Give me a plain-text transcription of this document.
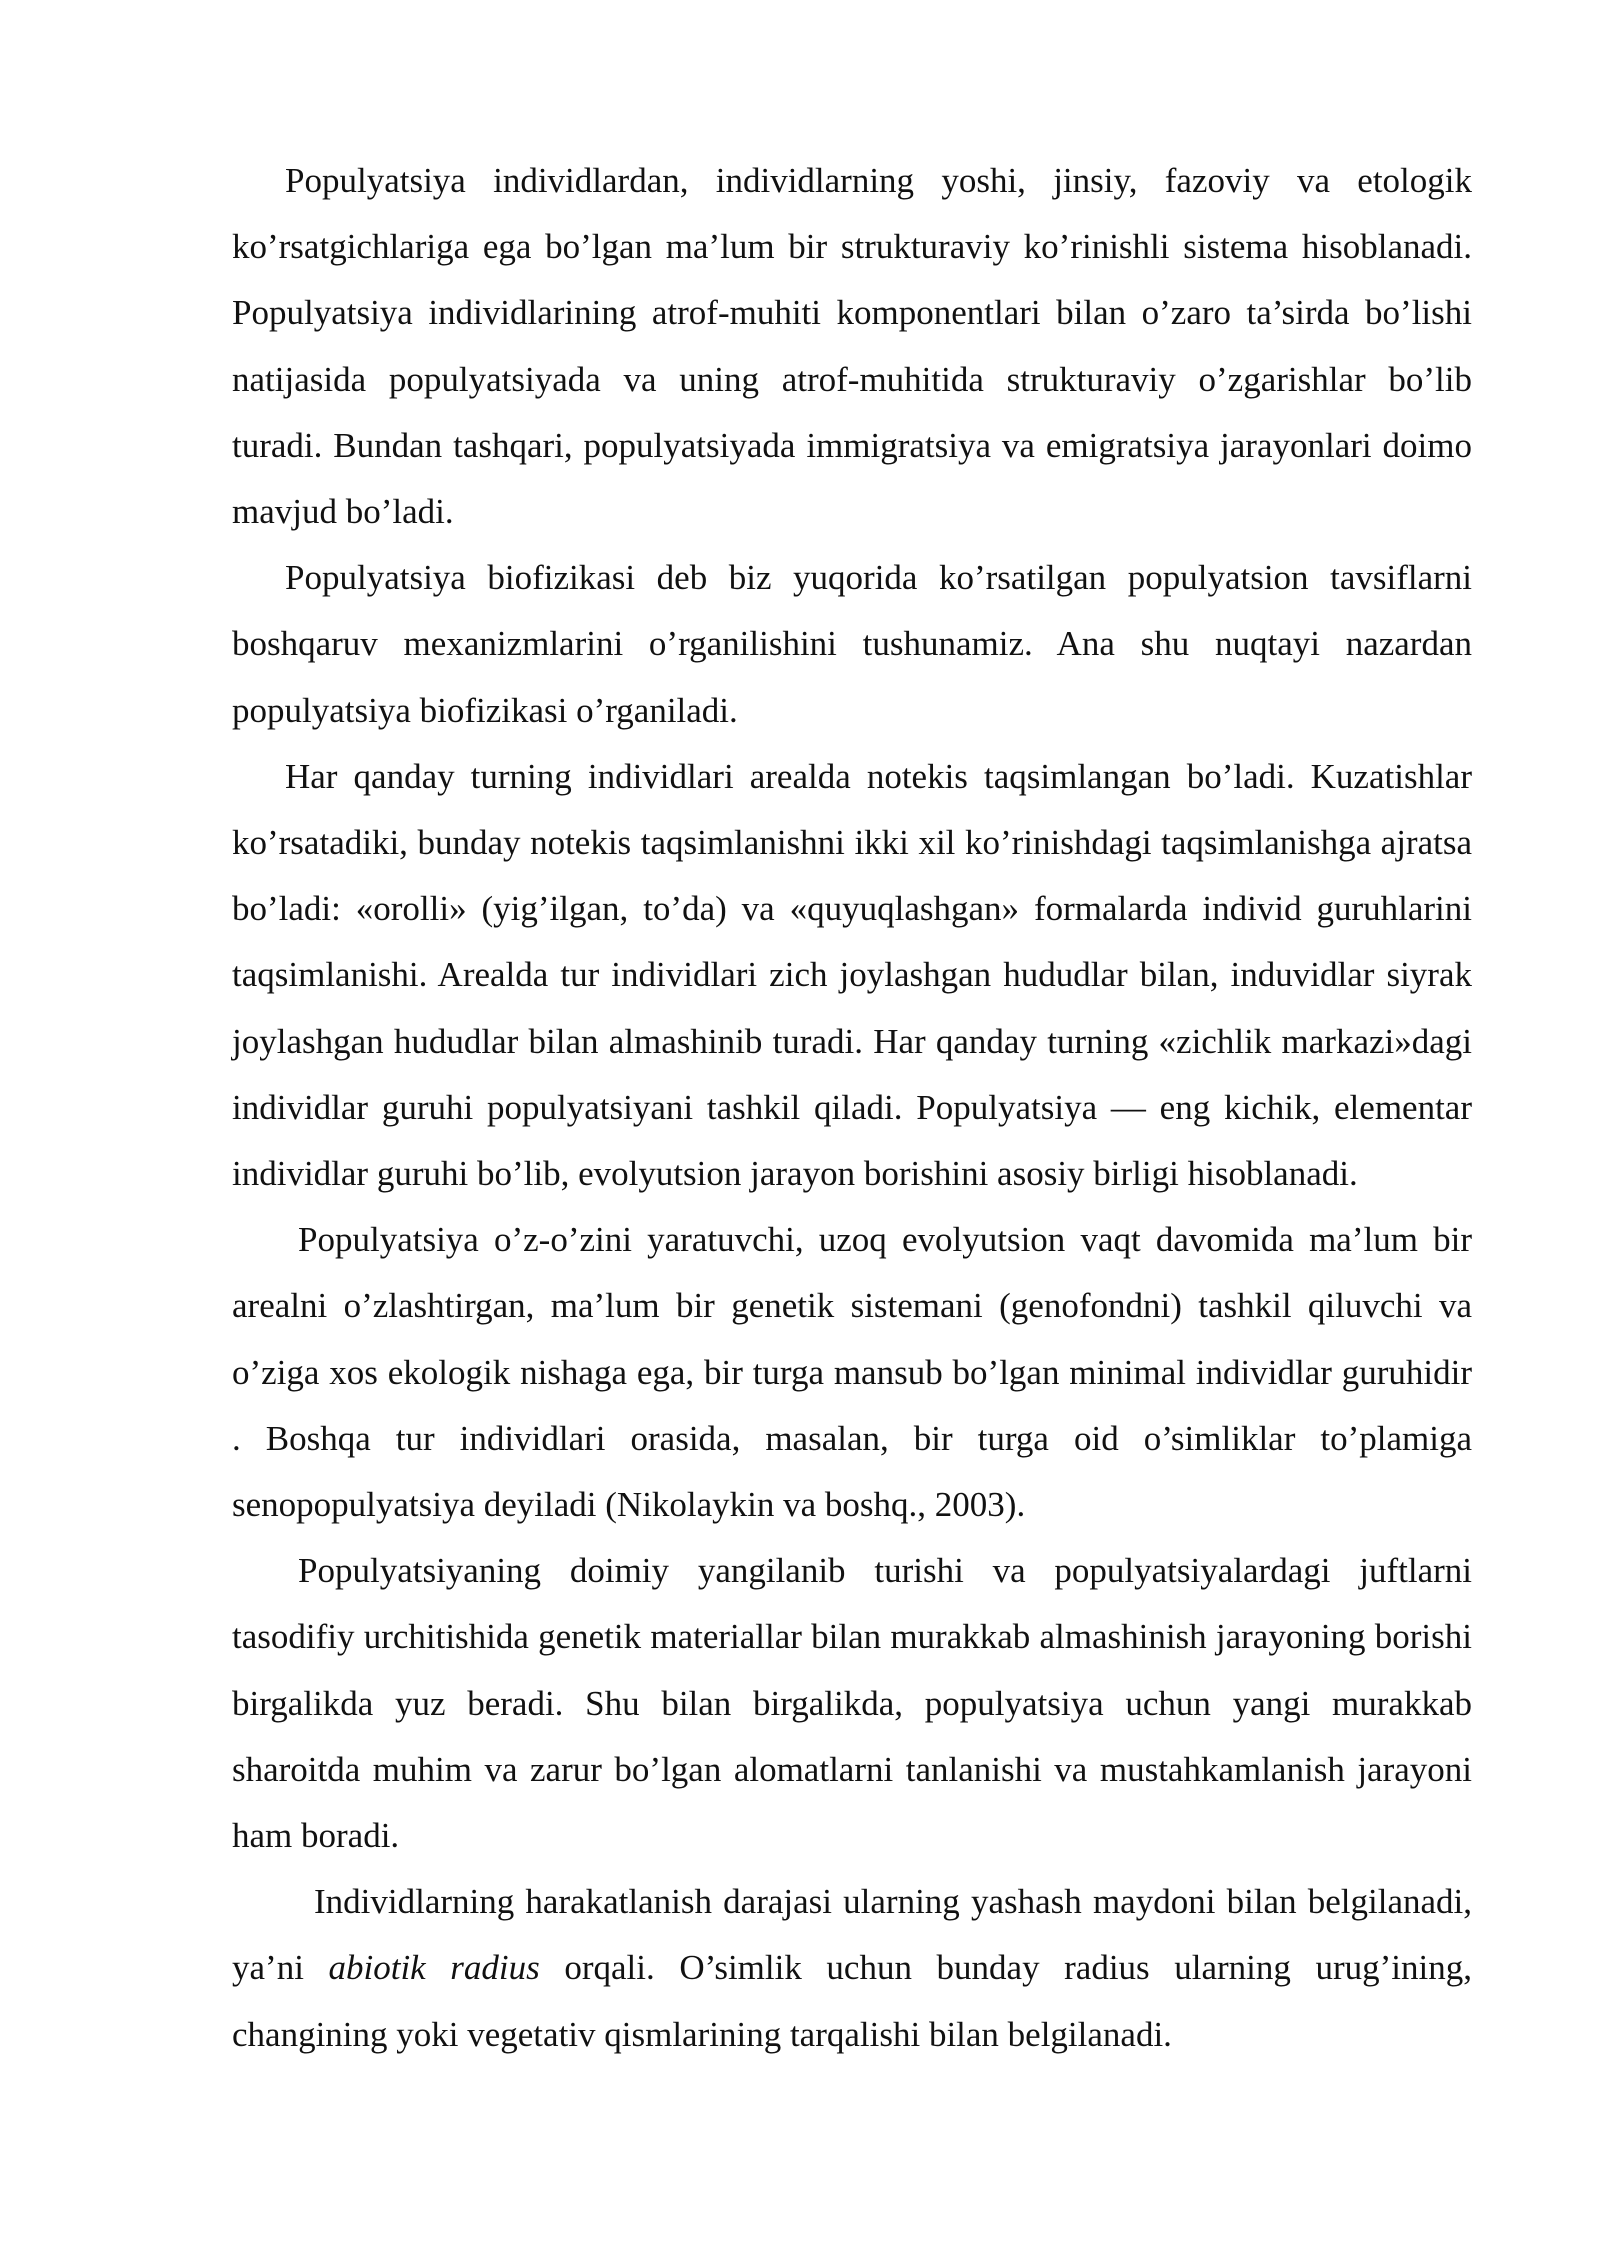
Populyatsiya individlardan, individlarning yoshi, jinsiy, fazoviy va etologik ko’rsatgichlariga ega bo’lgan ma’lum bir strukturaviy ko’rinishli sistema hisoblanadi. Populyatsiya individlarining atrof-muhiti komponentlari bilan o’zaro ta’sirda bo’lishi natijasida populyatsiyada va uning atrof-muhitida strukturaviy o’zgarishlar bo’lib turadi. Bundan tashqari, populyatsiyada immigratsiya va emigratsiya jarayonlari doimo mavjud bo’ladi.

Populyatsiya biofizikasi deb biz yuqorida ko’rsatilgan populyatsion tavsiflarni boshqaruv mexanizmlarini o’rganilishini tushunamiz. Ana shu nuqtayi nazardan populyatsiya biofizikasi o’rganiladi.

Har qanday turning individlari arealda notekis taqsimlangan bo’ladi. Kuzatishlar ko’rsatadiki, bunday notekis taqsimlanishni ikki xil ko’rinishdagi taqsimlanishga ajratsa bo’ladi: «orolli» (yig’ilgan, to’da) va «quyuqlashgan» formalarda individ guruhlarini taqsimlanishi. Arealda tur individlari zich joylashgan hududlar bilan, induvidlar siyrak joylashgan hududlar bilan almashinib turadi. Har qanday turning «zichlik markazi»dagi individlar guruhi populyatsiyani tashkil qiladi. Populyatsiya — eng kichik, elementar individlar guruhi bo’lib, evolyutsion jarayon borishini asosiy birligi hisoblanadi.

Populyatsiya o’z-o’zini yaratuvchi, uzoq evolyutsion vaqt davomida ma’lum bir arealni o’zlashtirgan, ma’lum bir genetik sistemani (genofondni) tashkil qiluvchi va o’ziga xos ekologik nishaga ega, bir turga mansub bo’lgan minimal individlar guruhidir . Boshqa tur individlari orasida, masalan, bir turga oid o’simliklar to’plamiga senopopulyatsiya deyiladi (Nikolaykin va boshq., 2003).

Populyatsiyaning doimiy yangilanib turishi va populyatsiyalardagi juftlarni tasodifiy urchitishida genetik materiallar bilan murakkab almashinish jarayoning borishi birgalikda yuz beradi. Shu bilan birgalikda, populyatsiya uchun yangi murakkab sharoitda muhim va zarur bo’lgan alomatlarni tanlanishi va mustahkamlanish jarayoni ham boradi.

Individlarning harakatlanish darajasi ularning yashash maydoni bilan belgilanadi, ya’ni abiotik radius orqali. O’simlik uchun bunday radius ularning urug’ining, changining yoki vegetativ qismlarining tarqalishi bilan belgilanadi.
